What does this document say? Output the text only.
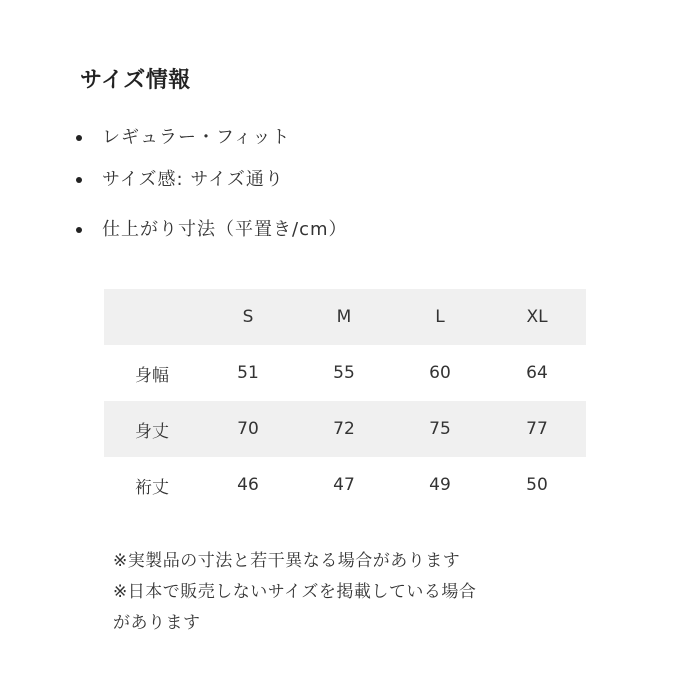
サイズ情報
レギュラー・フィット
サイズ感: サイズ通り
仕上がり寸法（平置き/cm）
	S	M	L	XL
身幅	51	55	60	64
身丈	70	72	75	77
裄丈	46	47	49	50
※実製品の寸法と若干異なる場合があります
※日本で販売しないサイズを掲載している場合
があります
